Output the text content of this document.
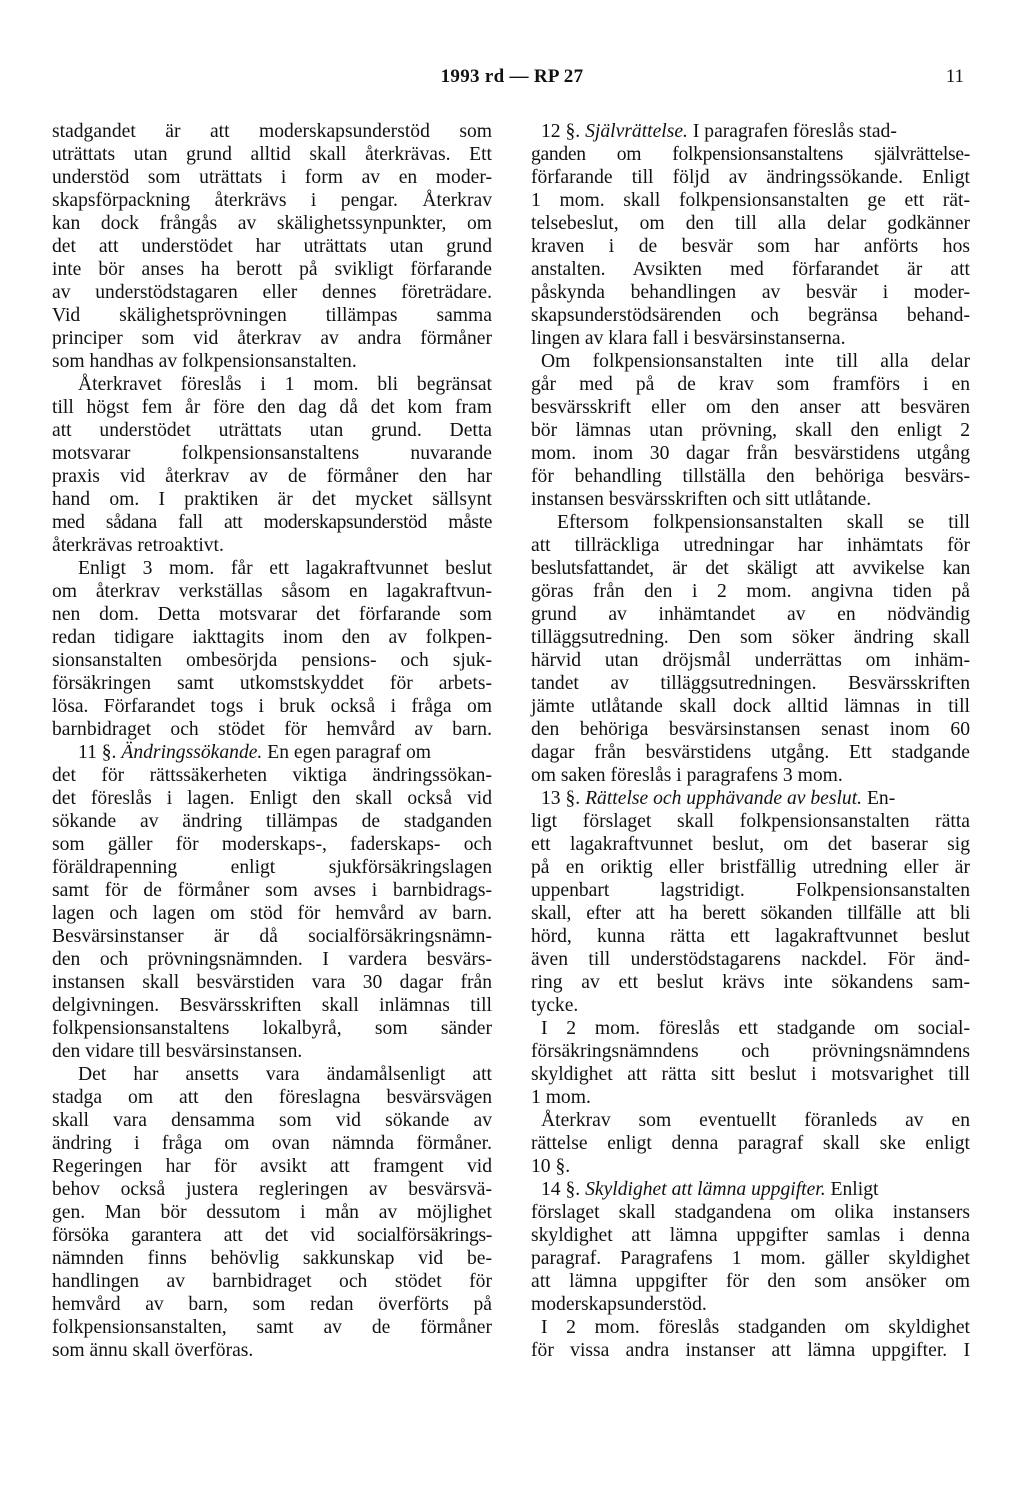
1993 rd — RP 27	11
stadgandet är att moderskapsunderstöd som
uträttats utan grund alltid skall återkrävas. Ett
understöd som uträttats i form av en moder-
skapsförpackning återkrävs i pengar. Återkrav
kan dock frångås av skälighetssynpunkter, om
det att understödet har uträttats utan grund
inte bör anses ha berott på svikligt förfarande
av understödstagaren eller dennes företrädare.
Vid skälighetsprövningen tillämpas samma
principer som vid återkrav av andra förmåner
som handhas av folkpensionsanstalten.
Återkravet föreslås i 1 mom. bli begränsat
till högst fem år före den dag då det kom fram
att understödet uträttats utan grund. Detta
motsvarar folkpensionsanstaltens nuvarande
praxis vid återkrav av de förmåner den har
hand om. I praktiken är det mycket sällsynt
med sådana fall att moderskapsunderstöd måste
återkrävas retroaktivt.
Enligt 3 mom. får ett lagakraftvunnet beslut
om återkrav verkställas såsom en lagakraftvun-
nen dom. Detta motsvarar det förfarande som
redan tidigare iakttagits inom den av folkpen-
sionsanstalten ombesörjda pensions- och sjuk-
försäkringen samt utkomstskyddet för arbets-
lösa. Förfarandet togs i bruk också i fråga om
barnbidraget och stödet för hemvård av barn.
11 §. Ändringssökande. En egen paragraf om
det för rättssäkerheten viktiga ändringssökan-
det föreslås i lagen. Enligt den skall också vid
sökande av ändring tillämpas de stadganden
som gäller för moderskaps-, faderskaps- och
föräldrapenning enligt sjukförsäkringslagen
samt för de förmåner som avses i barnbidrags-
lagen och lagen om stöd för hemvård av barn.
Besvärsinstanser är då socialförsäkringsnämn-
den och prövningsnämnden. I vardera besvärs-
instansen skall besvärstiden vara 30 dagar från
delgivningen. Besvärsskriften skall inlämnas till
folkpensionsanstaltens lokalbyrå, som sänder
den vidare till besvärsinstansen.
Det har ansetts vara ändamålsenligt att
stadga om att den föreslagna besvärsvägen
skall vara densamma som vid sökande av
ändring i fråga om ovan nämnda förmåner.
Regeringen har för avsikt att framgent vid
behov också justera regleringen av besvärsvä-
gen. Man bör dessutom i mån av möjlighet
försöka garantera att det vid socialförsäkrings-
nämnden finns behövlig sakkunskap vid be-
handlingen av barnbidraget och stödet för
hemvård av barn, som redan överförts på
folkpensionsanstalten, samt av de förmåner
som ännu skall överföras.
12 §. Självrättelse. I paragrafen föreslås stad-
ganden om folkpensionsanstaltens självrättelse-
förfarande till följd av ändringssökande. Enligt
1 mom. skall folkpensionsanstalten ge ett rät-
telsebeslut, om den till alla delar godkänner
kraven i de besvär som har anförts hos
anstalten. Avsikten med förfarandet är att
påskynda behandlingen av besvär i moder-
skapsunderstödsärenden och begränsa behand-
lingen av klara fall i besvärsinstanserna.
Om folkpensionsanstalten inte till alla delar
går med på de krav som framförs i en
besvärsskrift eller om den anser att besvären
bör lämnas utan prövning, skall den enligt 2
mom. inom 30 dagar från besvärstidens utgång
för behandling tillställa den behöriga besvärs-
instansen besvärsskriften och sitt utlåtande.
Eftersom folkpensionsanstalten skall se till
att tillräckliga utredningar har inhämtats för
beslutsfattandet, är det skäligt att avvikelse kan
göras från den i 2 mom. angivna tiden på
grund av inhämtandet av en nödvändig
tilläggsutredning. Den som söker ändring skall
härvid utan dröjsmål underrättas om inhäm-
tandet av tilläggsutredningen. Besvärsskriften
jämte utlåtande skall dock alltid lämnas in till
den behöriga besvärsinstansen senast inom 60
dagar från besvärstidens utgång. Ett stadgande
om saken föreslås i paragrafens 3 mom.
13 §. Rättelse och upphävande av beslut. En-
ligt förslaget skall folkpensionsanstalten rätta
ett lagakraftvunnet beslut, om det baserar sig
på en oriktig eller bristfällig utredning eller är
uppenbart lagstridigt. Folkpensionsanstalten
skall, efter att ha berett sökanden tillfälle att bli
hörd, kunna rätta ett lagakraftvunnet beslut
även till understödstagarens nackdel. För änd-
ring av ett beslut krävs inte sökandens sam-
tycke.
I 2 mom. föreslås ett stadgande om social-
försäkringsnämndens och prövningsnämndens
skyldighet att rätta sitt beslut i motsvarighet till
1 mom.
Återkrav som eventuellt föranleds av en
rättelse enligt denna paragraf skall ske enligt
10 §.
14 §. Skyldighet att lämna uppgifter. Enligt
förslaget skall stadgandena om olika instansers
skyldighet att lämna uppgifter samlas i denna
paragraf. Paragrafens 1 mom. gäller skyldighet
att lämna uppgifter för den som ansöker om
moderskapsunderstöd.
I 2 mom. föreslås stadganden om skyldighet
för vissa andra instanser att lämna uppgifter. I
